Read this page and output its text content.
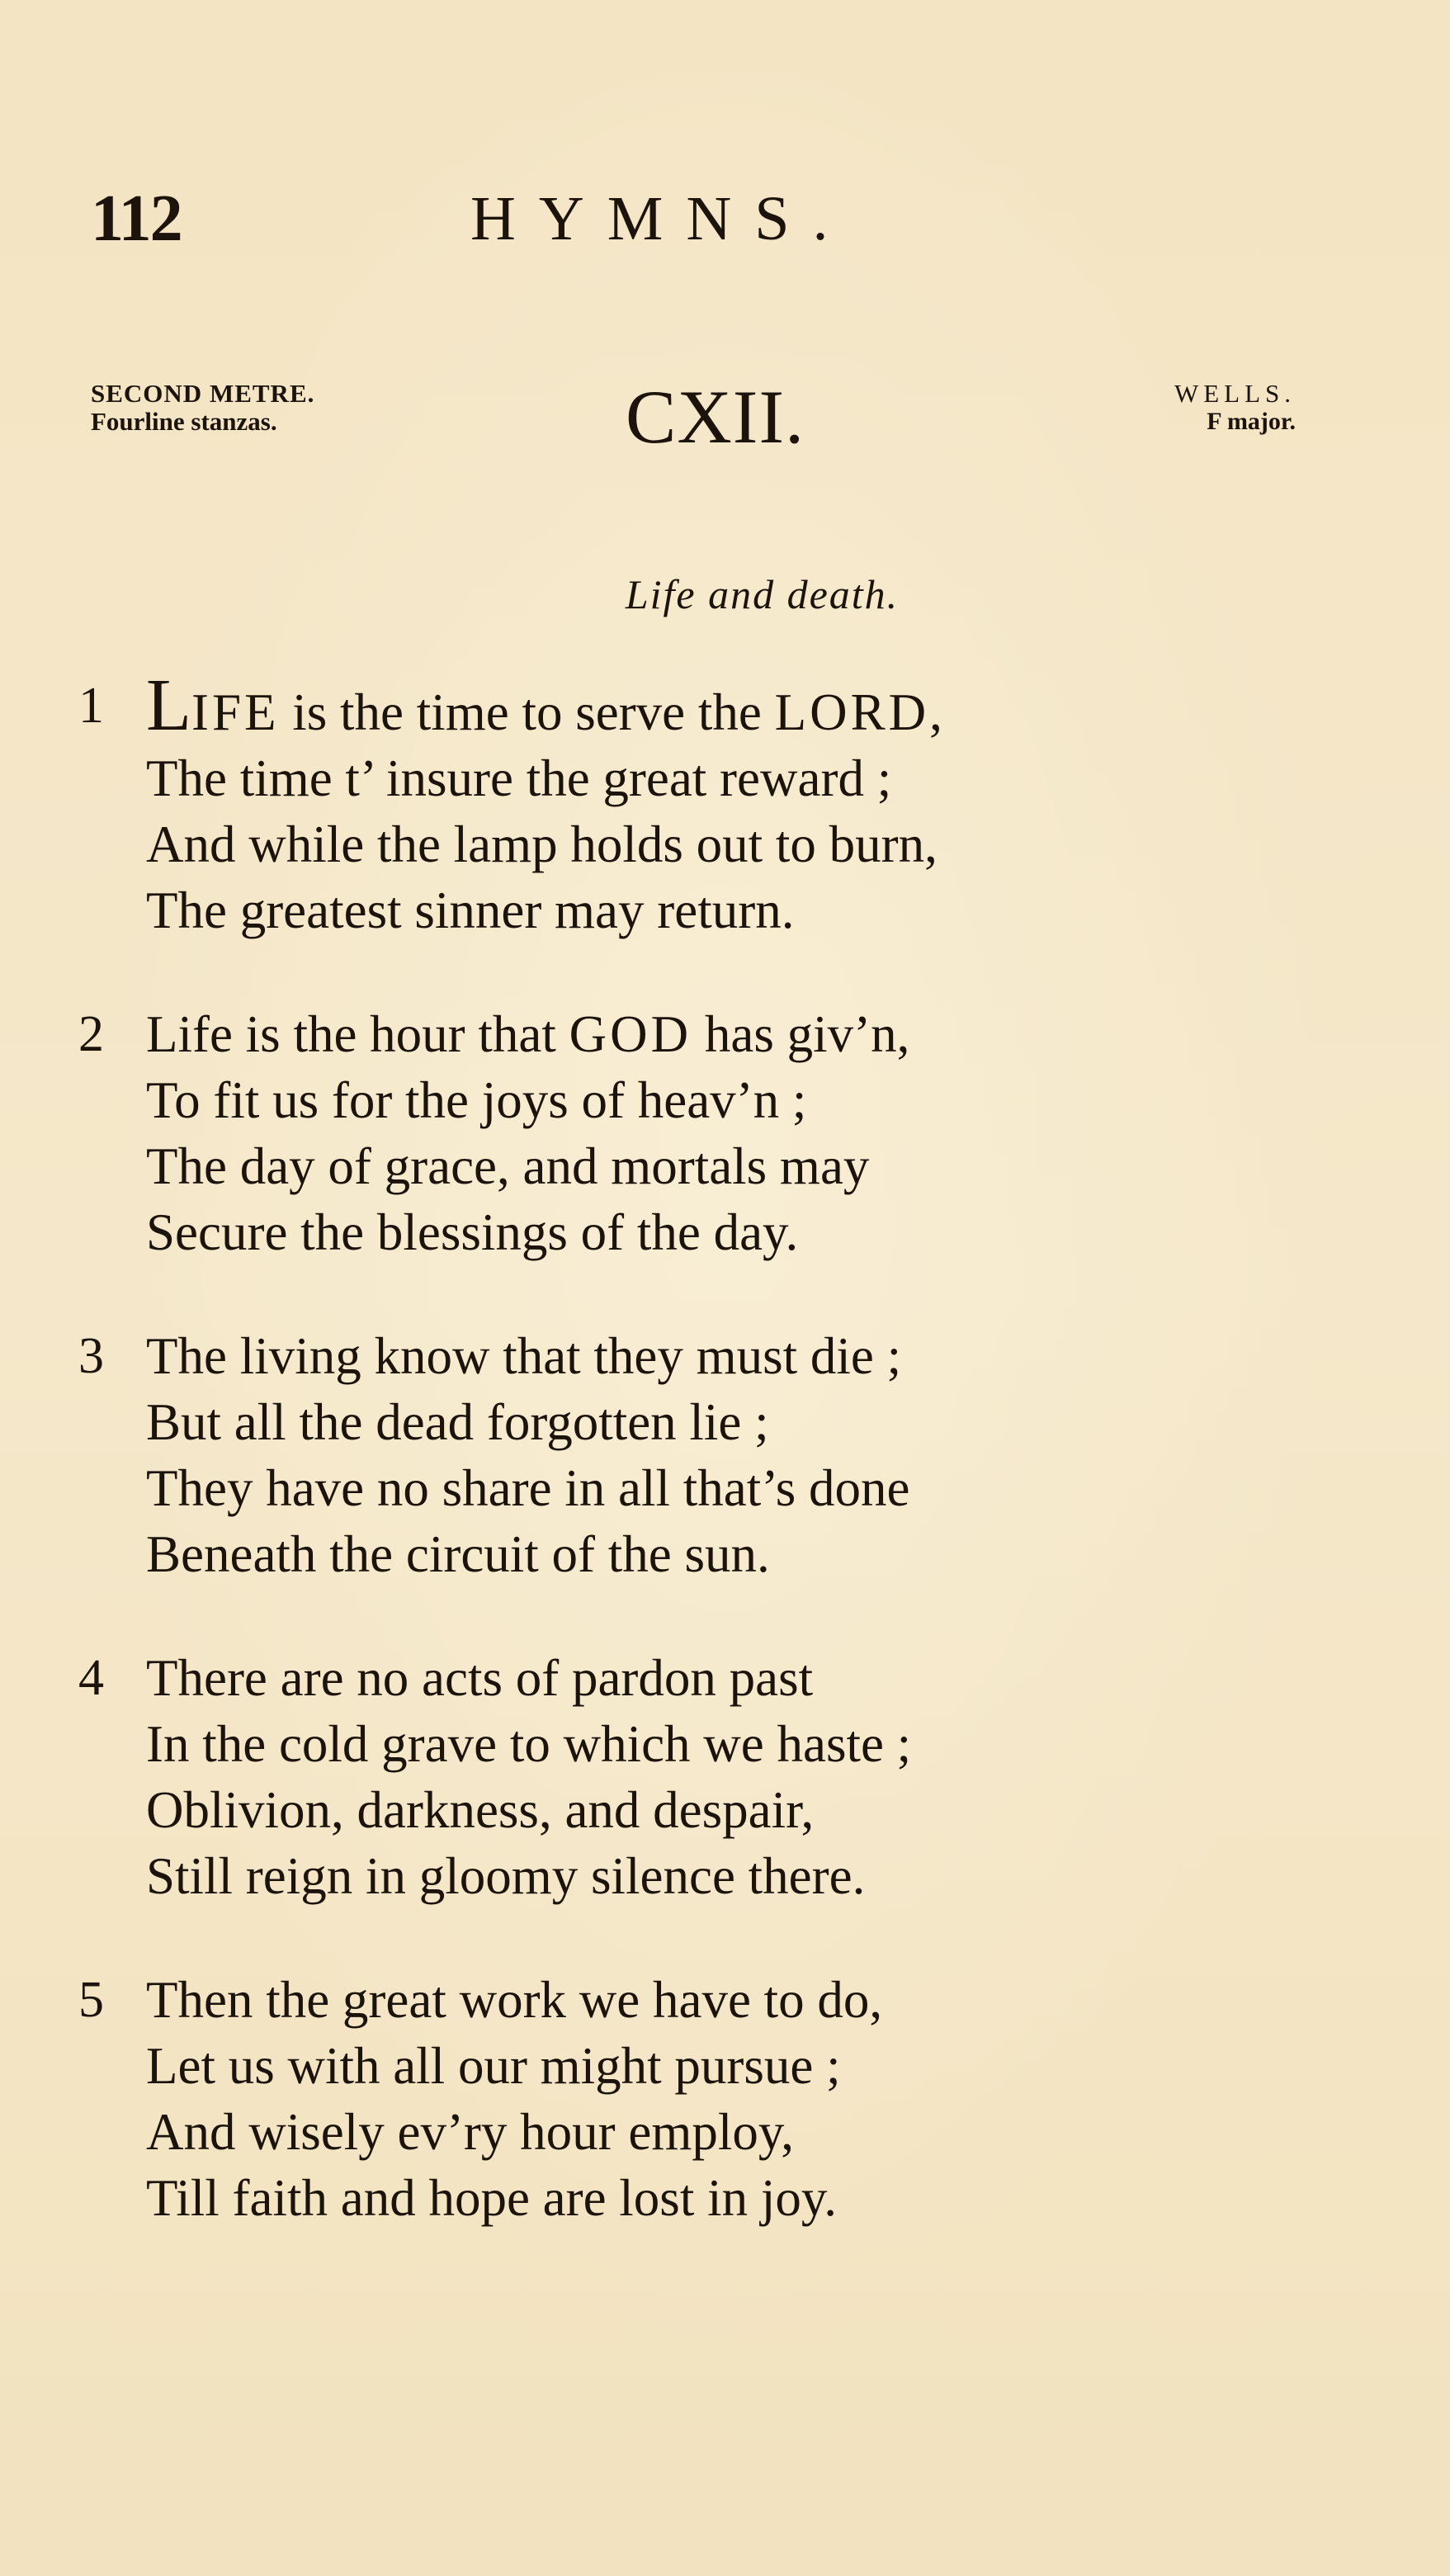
112	HYMNS.
SECOND METRE.
Fourline stanzas.	CXII.	WELLS.
F major.
Life and death.
1 LIFE is the time to serve the LORD,
The time t’ insure the great reward ;
And while the lamp holds out to burn,
The greatest sinner may return.
2 Life is the hour that GOD has giv’n,
To fit us for the joys of heav’n ;
The day of grace, and mortals may
Secure the blessings of the day.
3 The living know that they must die ;
But all the dead forgotten lie ;
They have no share in all that’s done
Beneath the circuit of the sun.
4 There are no acts of pardon past
In the cold grave to which we haste ;
Oblivion, darkness, and despair,
Still reign in gloomy silence there.
5 Then the great work we have to do,
Let us with all our might pursue ;
And wisely ev’ry hour employ,
Till faith and hope are lost in joy.
